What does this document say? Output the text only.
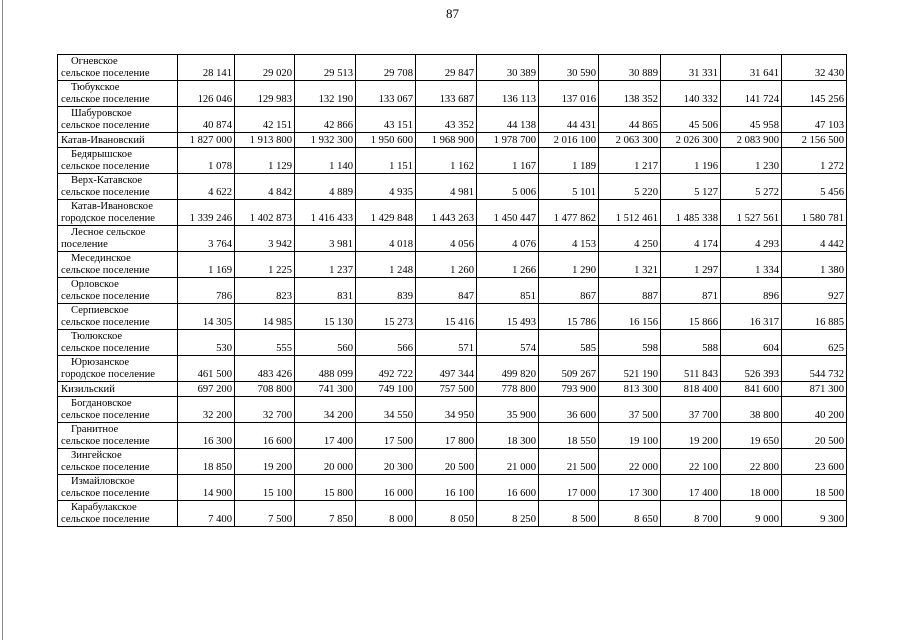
87
Огневское
сельское поселение	28 141	29 020	29 513	29 708	29 847	30 389	30 590	30 889	31 331	31 641	32 430

Тюбукское
сельское поселение	126 046	129 983	132 190	133 067	133 687	136 113	137 016	138 352	140 332	141 724	145 256

Шабуровское
сельское поселение	40 874	42 151	42 866	43 151	43 352	44 138	44 431	44 865	45 506	45 958	47 103

Катав-Ивановский	1 827 000	1 913 800	1 932 300	1 950 600	1 968 900	1 978 700	2 016 100	2 063 300	2 026 300	2 083 900	2 156 500

Бедярышское
сельское поселение	1 078	1 129	1 140	1 151	1 162	1 167	1 189	1 217	1 196	1 230	1 272

Верх-Катавское
сельское поселение	4 622	4 842	4 889	4 935	4 981	5 006	5 101	5 220	5 127	5 272	5 456

Катав-Ивановское
городское поселение	1 339 246	1 402 873	1 416 433	1 429 848	1 443 263	1 450 447	1 477 862	1 512 461	1 485 338	1 527 561	1 580 781

Лесное сельское
поселение	3 764	3 942	3 981	4 018	4 056	4 076	4 153	4 250	4 174	4 293	4 442

Месединское
сельское поселение	1 169	1 225	1 237	1 248	1 260	1 266	1 290	1 321	1 297	1 334	1 380

Орловское
сельское поселение	786	823	831	839	847	851	867	887	871	896	927

Серпиевское
сельское поселение	14 305	14 985	15 130	15 273	15 416	15 493	15 786	16 156	15 866	16 317	16 885

Тюлюкское
сельское поселение	530	555	560	566	571	574	585	598	588	604	625

Юрюзанское
городское поселение	461 500	483 426	488 099	492 722	497 344	499 820	509 267	521 190	511 843	526 393	544 732

Кизильский	697 200	708 800	741 300	749 100	757 500	778 800	793 900	813 300	818 400	841 600	871 300

Богдановское
сельское поселение	32 200	32 700	34 200	34 550	34 950	35 900	36 600	37 500	37 700	38 800	40 200

Гранитное
сельское поселение	16 300	16 600	17 400	17 500	17 800	18 300	18 550	19 100	19 200	19 650	20 500

Зингейское
сельское поселение	18 850	19 200	20 000	20 300	20 500	21 000	21 500	22 000	22 100	22 800	23 600

Измайловское
сельское поселение	14 900	15 100	15 800	16 000	16 100	16 600	17 000	17 300	17 400	18 000	18 500

Карабулакское
сельское поселение	7 400	7 500	7 850	8 000	8 050	8 250	8 500	8 650	8 700	9 000	9 300
